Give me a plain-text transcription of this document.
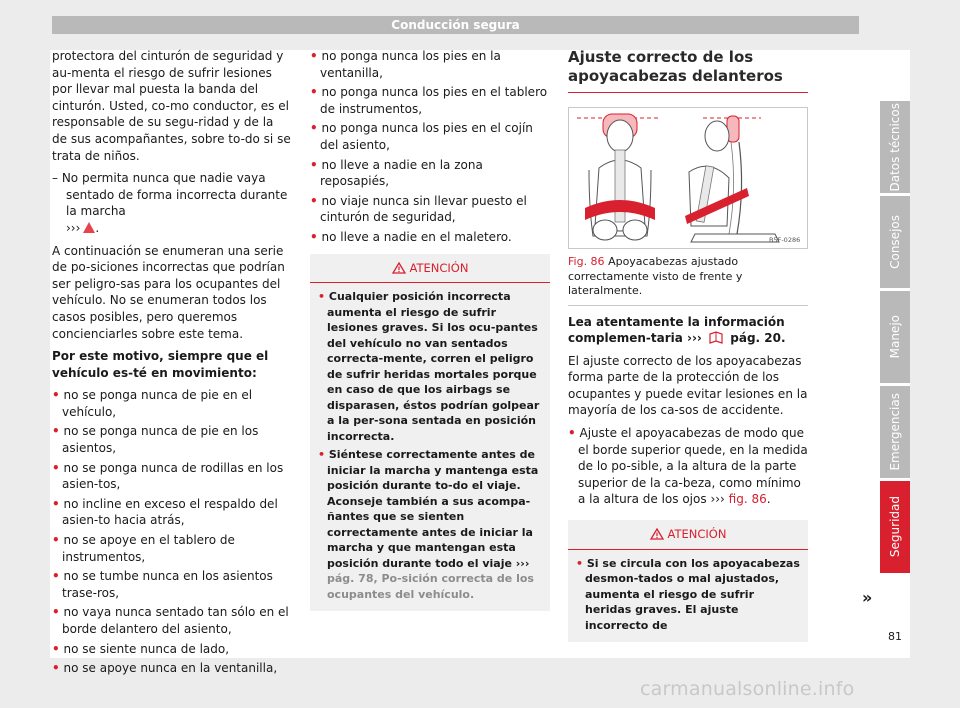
Conducción segura

protectora del cinturón de seguridad y au-menta el riesgo de sufrir lesiones por llevar mal puesta la banda del cinturón. Usted, co-mo conductor, es el responsable de su segu-ridad y de la de sus acompañantes, sobre to-do si se trata de niños.

– No permita nunca que nadie vaya sentado de forma incorrecta durante la marcha
››› .

A continuación se enumeran una serie de po-siciones incorrectas que podrían ser peligro-sas para los ocupantes del vehículo. No se enumeran todos los casos posibles, pero queremos concienciarles sobre este tema.

Por este motivo, siempre que el vehículo es-té en movimiento:

• no se ponga nunca de pie en el vehículo,
• no se ponga nunca de pie en los asientos,
• no se ponga nunca de rodillas en los asien-tos,
• no incline en exceso el respaldo del asien-to hacia atrás,
• no se apoye en el tablero de instrumentos,
• no se tumbe nunca en los asientos trase-ros,
• no vaya nunca sentado tan sólo en el borde delantero del asiento,
• no se siente nunca de lado,
• no se apoye nunca en la ventanilla,
• no ponga nunca los pies en la ventanilla,
• no ponga nunca los pies en el tablero de instrumentos,
• no ponga nunca los pies en el cojín del asiento,
• no lleve a nadie en la zona reposapiés,
• no viaje nunca sin llevar puesto el cinturón de seguridad,
• no lleve a nadie en el maletero.
ATENCIÓN
• Cualquier posición incorrecta aumenta el riesgo de sufrir lesiones graves. Si los ocu-pantes del vehículo no van sentados correcta-mente, corren el peligro de sufrir heridas mortales porque en caso de que los airbags se disparasen, éstos podrían golpear a la per-sona sentada en posición incorrecta.
• Siéntese correctamente antes de iniciar la marcha y mantenga esta posición durante to-do el viaje. Aconseje también a sus acompa-ñantes que se sienten correctamente antes de iniciar la marcha y que mantengan esta posición durante todo el viaje ››› pág. 78, Po-sición correcta de los ocupantes del vehículo.
Ajuste correcto de los apoyacabezas delanteros
B5F-0286
Fig. 86 Apoyacabezas ajustado correctamente visto de frente y lateralmente.

Lea atentamente la información complemen-taria ››› pág. 20.

El ajuste correcto de los apoyacabezas forma parte de la protección de los ocupantes y puede evitar lesiones en la mayoría de los ca-sos de accidente.

• Ajuste el apoyacabezas de modo que el borde superior quede, en la medida de lo po-sible, a la altura de la parte superior de la ca-beza, como mínimo a la altura de los ojos ››› fig. 86.
ATENCIÓN
• Si se circula con los apoyacabezas desmon-tados o mal ajustados, aumenta el riesgo de sufrir heridas graves. El ajuste incorrecto de
»
Datos técnicos
Consejos
Manejo
Emergencias
Seguridad
81
carmanualsonline.info
